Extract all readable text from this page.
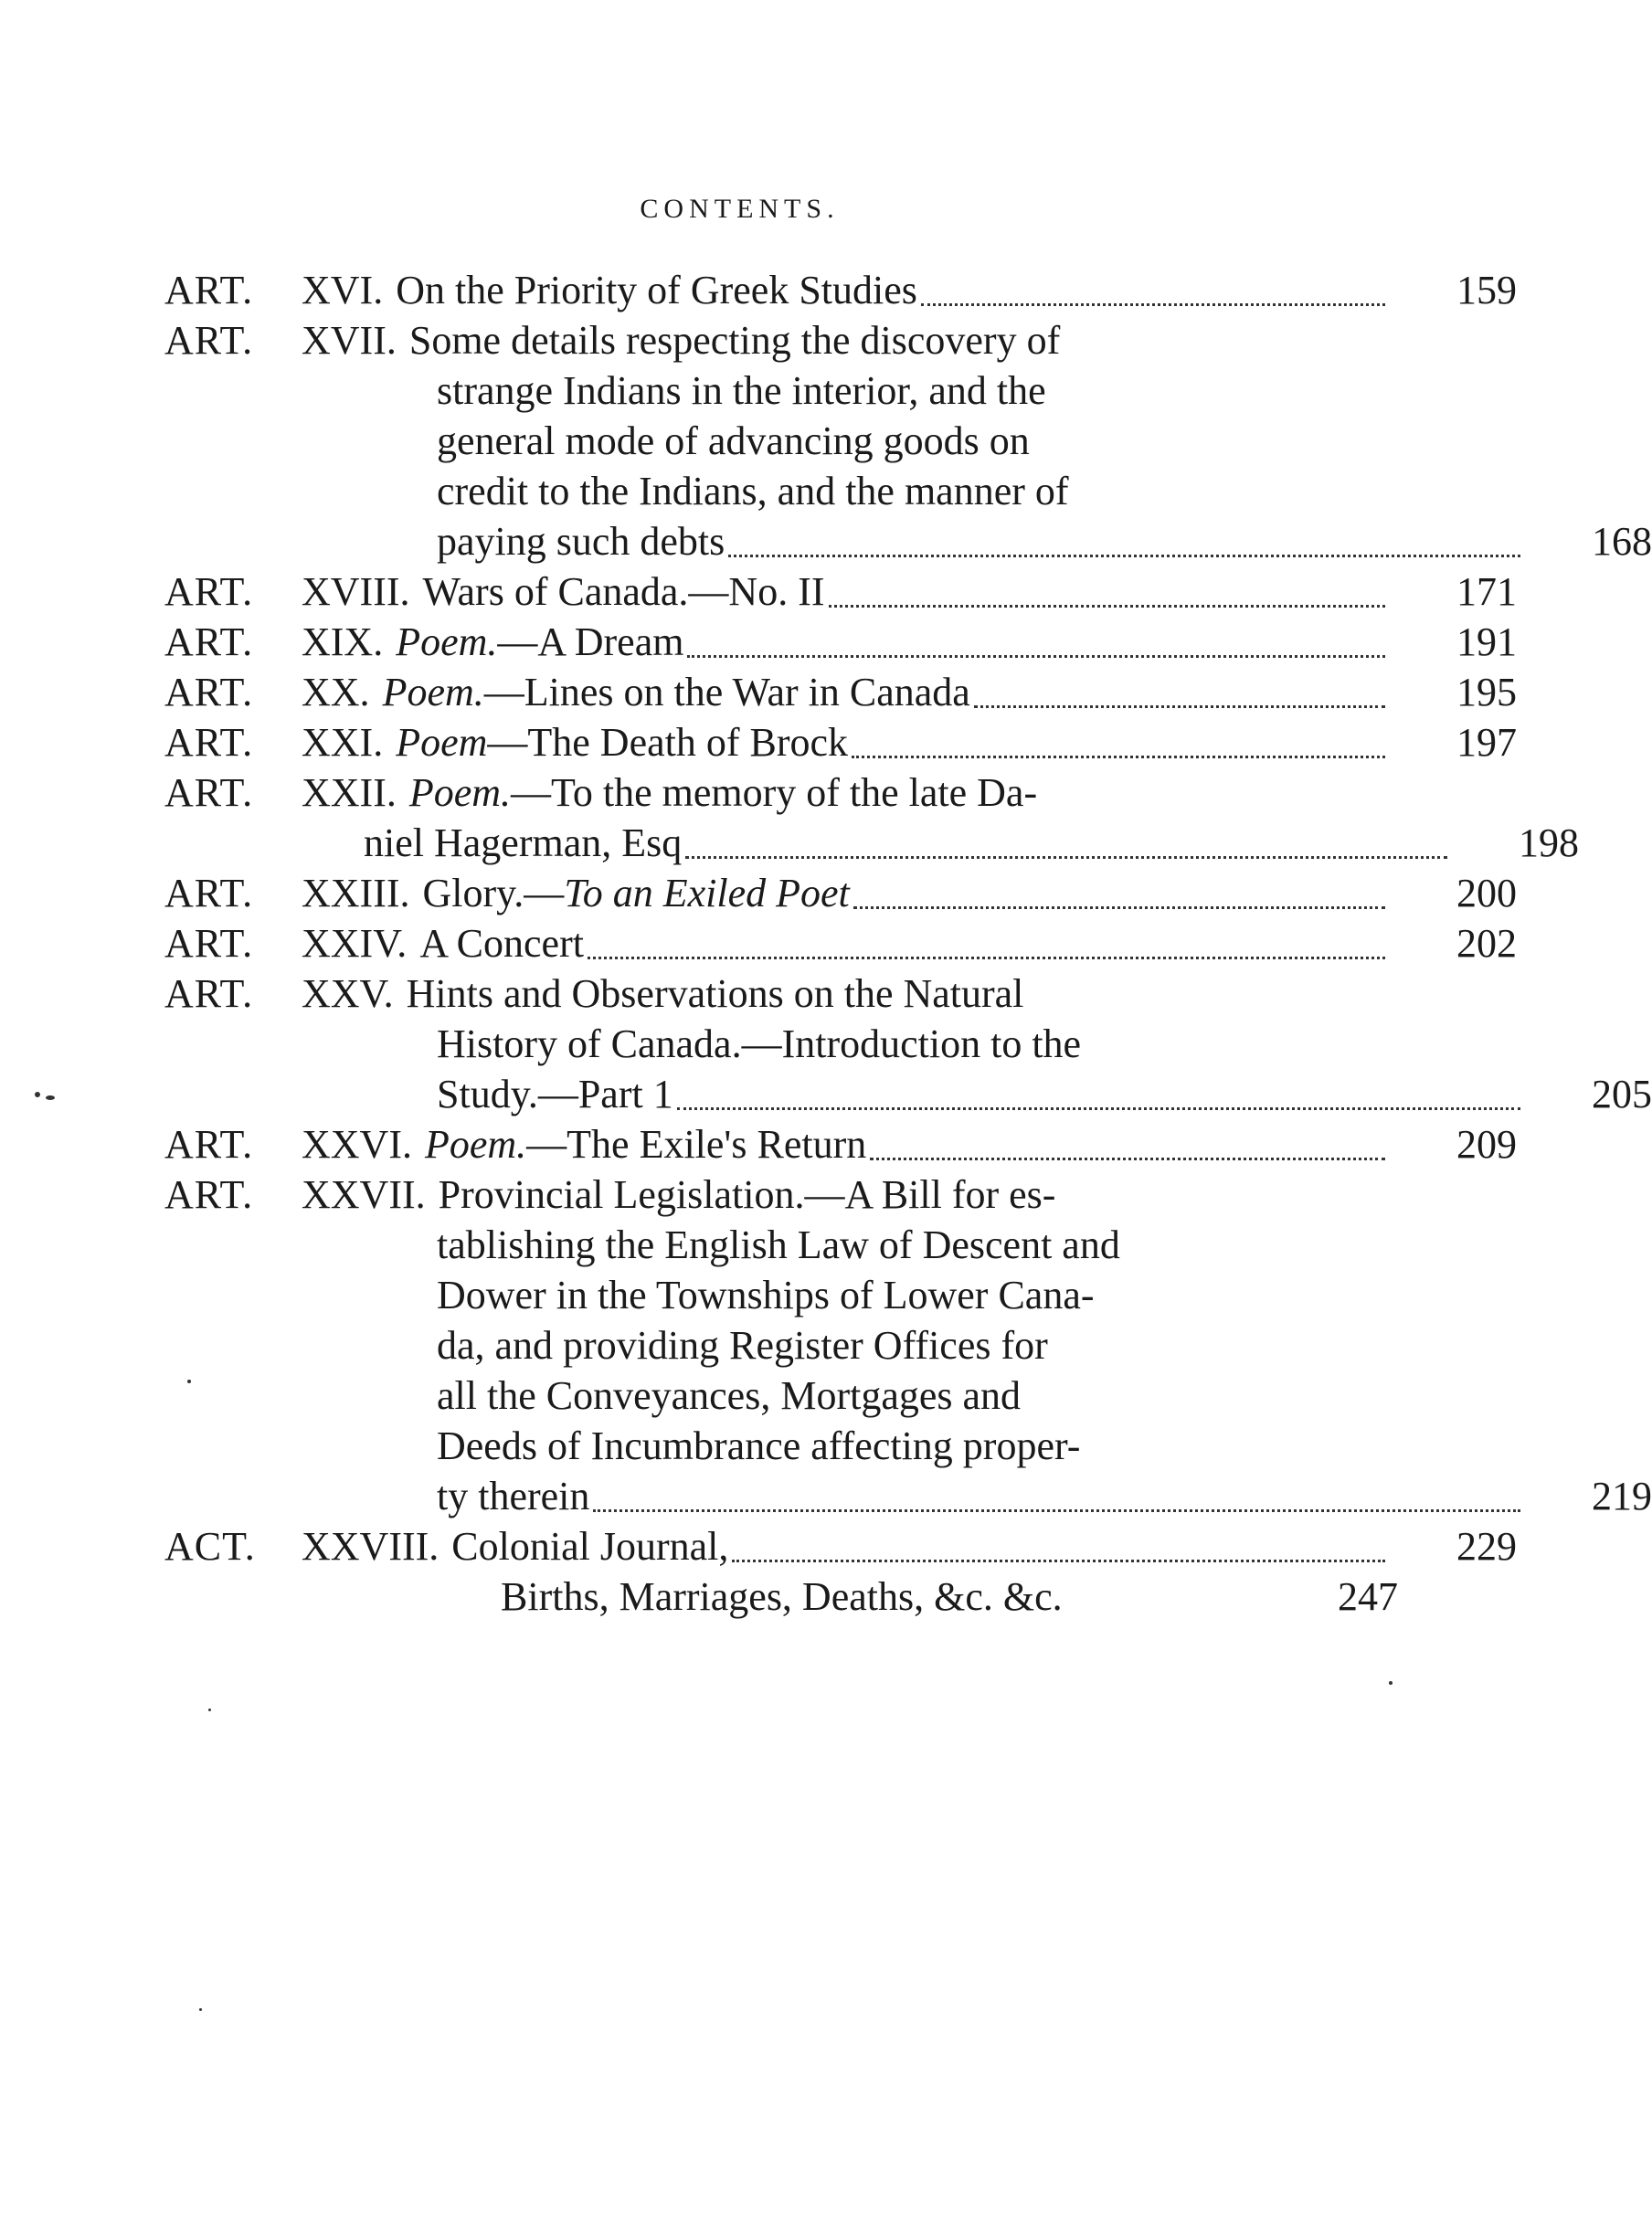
CONTENTS.
ART.	XVI. On the Priority of Greek Studies	159
ART.	XVII. Some details respecting the discovery of
strange Indians in the interior, and the
general mode of advancing goods on
credit to the Indians, and the manner of
paying such debts	168
ART.	XVIII. Wars of Canada.—No. II	171
ART.	XIX. Poem.—A Dream	191
ART.	XX. Poem.—Lines on the War in Canada	195
ART.	XXI. Poem—The Death of Brock	197
ART.	XXII. Poem.—To the memory of the late Da-
niel Hagerman, Esq	198
ART.	XXIII. Glory.—To an Exiled Poet	200
ART.	XXIV. A Concert	202
ART.	XXV. Hints and Observations on the Natural
History of Canada.—Introduction to the
Study.—Part 1	205
ART.	XXVI. Poem.—The Exile's Return	209
ART.	XXVII. Provincial Legislation.—A Bill for es-
tablishing the English Law of Descent and
Dower in the Townships of Lower Cana-
da, and providing Register Offices for
all the Conveyances, Mortgages and
Deeds of Incumbrance affecting proper-
ty therein	219
ACT.	XXVIII. Colonial Journal,	229
Births, Marriages, Deaths, &c. &c.	247
